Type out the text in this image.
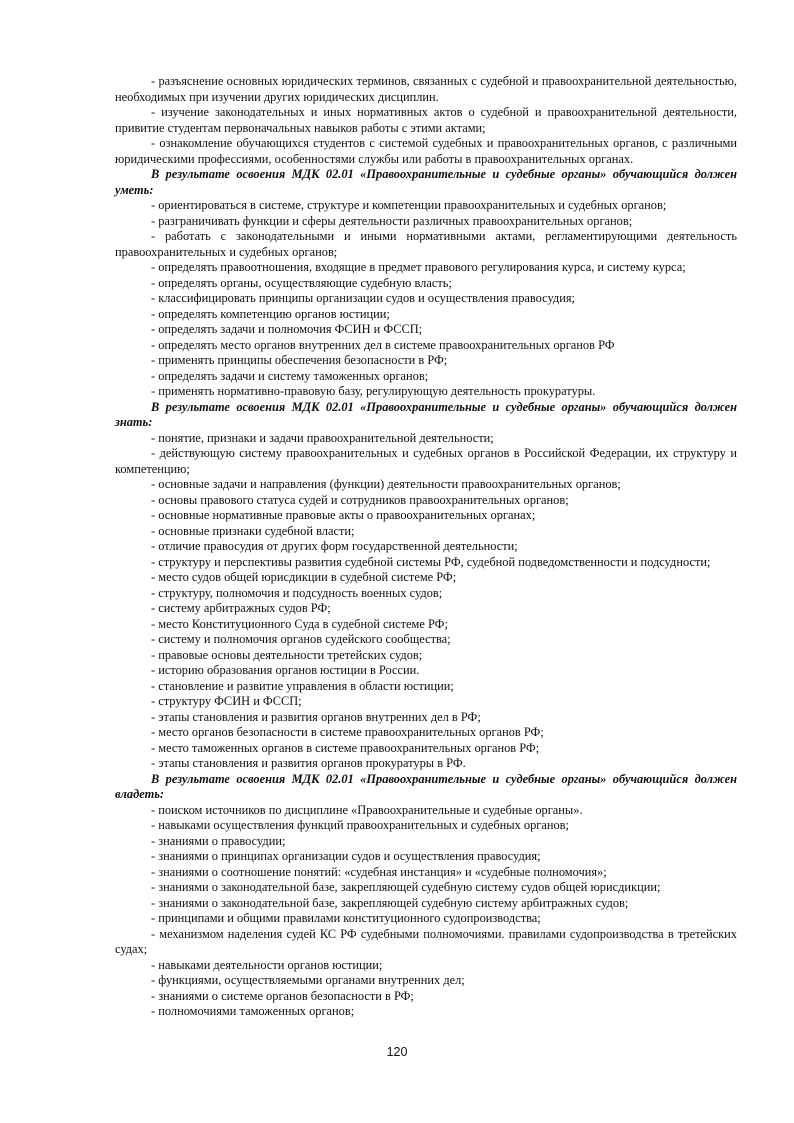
- разъяснение основных юридических терминов, связанных с судебной и правоохранительной деятельностью, необходимых при изучении других юридических дисциплин.

- изучение законодательных и иных нормативных актов о судебной и правоохранительной деятельности, привитие студентам первоначальных навыков работы с этими актами;

- ознакомление обучающихся студентов с системой судебных и правоохранительных органов, с различными юридическими профессиями, особенностями службы или работы в правоохранительных органах.

В результате освоения МДК 02.01 «Правоохранительные и судебные органы» обучающийся должен уметь:

- ориентироваться в системе, структуре и компетенции правоохранительных и судебных органов;

- разграничивать функции и сферы деятельности различных правоохранительных органов;

- работать с законодательными и иными нормативными актами, регламентирующими деятельность правоохранительных и судебных органов;

- определять правоотношения, входящие в предмет правового регулирования курса, и систему курса;

- определять органы, осуществляющие судебную власть;

- классифицировать принципы организации судов и осуществления правосудия;

- определять компетенцию органов юстиции;

- определять задачи и полномочия ФСИН и ФССП;

- определять место органов внутренних дел в системе правоохранительных органов РФ

- применять принципы обеспечения безопасности в РФ;

- определять задачи и систему таможенных органов;

- применять нормативно-правовую базу, регулирующую деятельность прокуратуры.

В результате освоения МДК 02.01 «Правоохранительные и судебные органы» обучающийся должен знать:

- понятие, признаки и задачи правоохранительной деятельности;

- действующую систему правоохранительных и судебных органов в Российской Федерации, их структуру и компетенцию;

- основные задачи и направления (функции) деятельности правоохранительных органов;

- основы правового статуса судей и сотрудников правоохранительных органов;

- основные нормативные правовые акты о правоохранительных органах;

- основные признаки судебной власти;

- отличие правосудия от других форм государственной деятельности;

- структуру и перспективы развития судебной системы РФ, судебной подведомственности и подсудности;

- место судов общей юрисдикции в судебной системе РФ;

- структуру, полномочия и подсудность военных судов;

- систему арбитражных судов РФ;

- место Конституционного Суда в судебной системе РФ;

- систему и полномочия органов судейского сообщества;

- правовые основы деятельности третейских судов;

- историю образования органов юстиции в России.

- становление и развитие управления в области юстиции;

- структуру ФСИН и ФССП;

- этапы становления и развития органов внутренних дел в РФ;

- место органов безопасности в системе правоохранительных органов РФ;

- место таможенных органов в системе правоохранительных органов РФ;

- этапы становления и развития органов прокуратуры в РФ.

В результате освоения МДК 02.01 «Правоохранительные и судебные органы» обучающийся должен владеть:

- поиском источников по дисциплине «Правоохранительные и судебные органы».

- навыками осуществления функций правоохранительных и судебных органов;

- знаниями о правосудии;

- знаниями о принципах организации судов и осуществления правосудия;

- знаниями о соотношение понятий: «судебная инстанция» и «судебные полномочия»;

- знаниями о законодательной базе, закрепляющей судебную систему судов общей юрисдикции;

- знаниями о законодательной базе, закрепляющей судебную систему арбитражных судов;

- принципами и общими правилами конституционного судопроизводства;

- механизмом наделения судей КС РФ судебными полномочиями. правилами судопроизводства в третейских судах;

- навыками деятельности органов юстиции;

- функциями, осуществляемыми органами внутренних дел;

- знаниями о системе органов безопасности в РФ;

- полномочиями таможенных органов;

120
